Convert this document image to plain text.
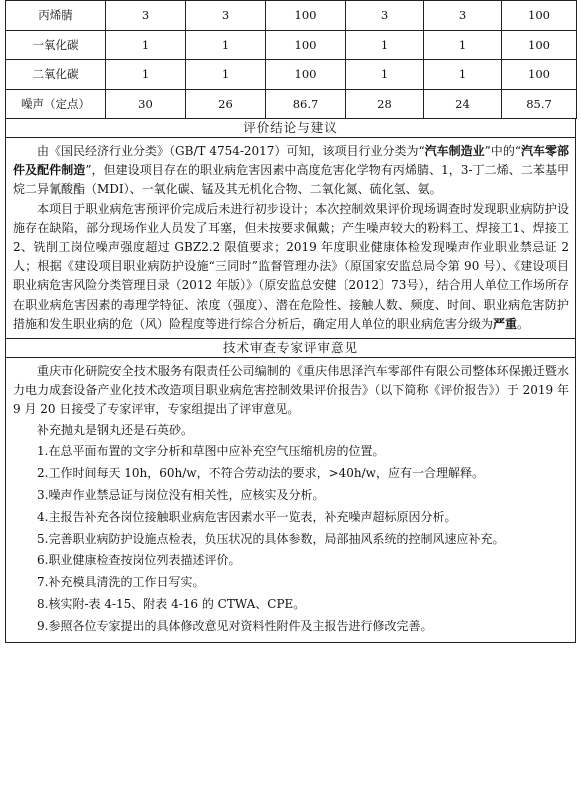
丙烯腈	3	3	100	3	3	100
一氧化碳	1	1	100	1	1	100
二氧化碳	1	1	100	1	1	100
噪声（定点）	30	26	86.7	28	24	85.7
评价结论与建议

由《国民经济行业分类》（GB/T 4754-2017）可知，该项目行业分类为“汽车制造业”中的“汽车零部件及配件制造”，但建设项目存在的职业病危害因素中高度危害化学物有丙烯腈、1，3-丁二烯、二苯基甲烷二异氰酸酯（MDI）、一氧化碳、锰及其无机化合物、二氧化氮、硫化氢、氨。

本项目于职业病危害预评价完成后未进行初步设计；本次控制效果评价现场调查时发现职业病防护设施存在缺陷，部分现场作业人员发了耳塞，但未按要求佩戴；产生噪声较大的粉料工、焊接工1、焊接工2、铣削工岗位噪声强度超过 GBZ2.2 限值要求；2019 年度职业健康体检发现噪声作业职业禁忌证 2 人；根据《建设项目职业病防护设施“三同时”监督管理办法》（原国家安监总局令第 90 号）、《建设项目职业病危害风险分类管理目录（2012 年版）》（原安监总安健〔2012〕73号），结合用人单位工作场所存在职业病危害因素的毒理学特征、浓度（强度）、潜在危险性、接触人数、频度、时间、职业病危害防护措施和发生职业病的危（风）险程度等进行综合分析后，确定用人单位的职业病危害分级为严重。

技术审查专家评审意见

重庆市化研院安全技术服务有限责任公司编制的《重庆伟思泽汽车零部件有限公司整体环保搬迁暨水力电力成套设备产业化技术改造项目职业病危害控制效果评价报告》（以下简称《评价报告》）于 2019 年 9 月 20 日接受了专家评审，专家组提出了评审意见。

补充抛丸是钢丸还是石英砂。

1.在总平面布置的文字分析和草图中应补充空气压缩机房的位置。

2.工作时间每天 10h，60h/w，不符合劳动法的要求，>40h/w，应有一合理解释。

3.噪声作业禁忌证与岗位没有相关性，应核实及分析。

4.主报告补充各岗位接触职业病危害因素水平一览表，补充噪声超标原因分析。

5.完善职业病防护设施点检表，负压状况的具体参数，局部抽风系统的控制风速应补充。

6.职业健康检查按岗位列表描述评价。

7.补充模具清洗的工作日写实。

8.核实附-表 4-15、附表 4-16 的 CTWA、CPE。

9.参照各位专家提出的具体修改意见对资料性附件及主报告进行修改完善。
